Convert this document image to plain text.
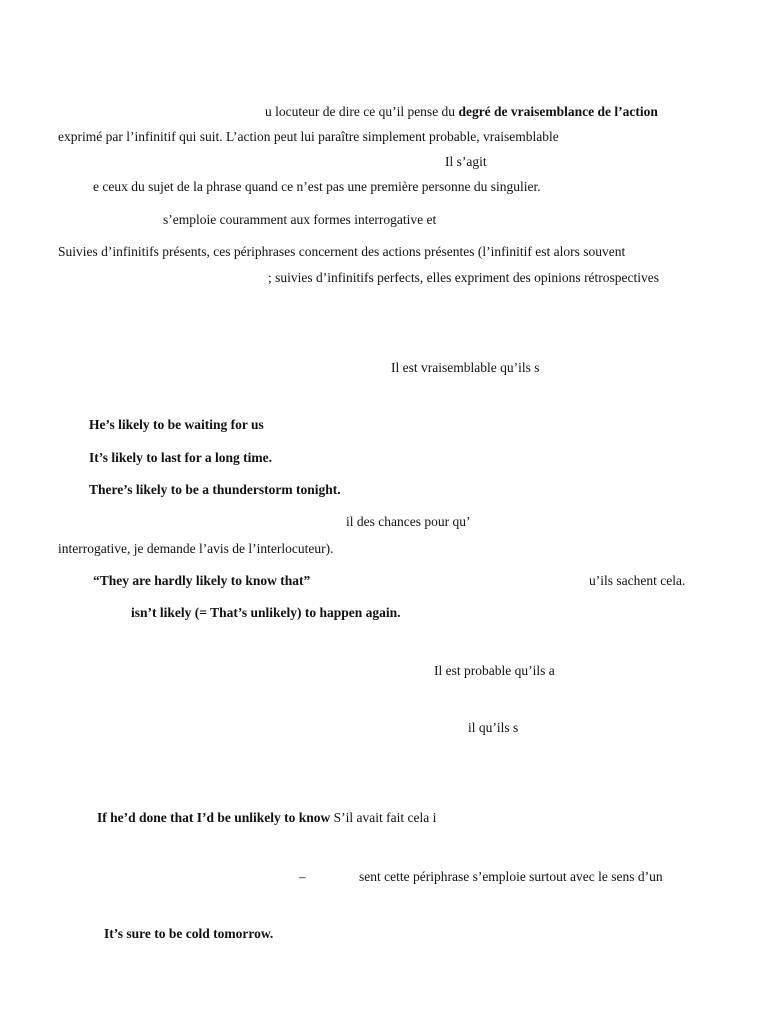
u locuteur de dire ce qu’il pense du degré de vraisemblance de l’action
exprimé par l’infinitif qui suit. L’action peut lui paraître simplement probable, vraisemblable
Il s’agit
e ceux du sujet de la phrase quand ce n’est pas une première personne du singulier.
s’emploie couramment aux formes interrogative et
Suivies d’infinitifs présents, ces périphrases concernent des actions présentes (l’infinitif est alors souvent
; suivies d’infinitifs perfects, elles expriment des opinions rétrospectives
Il est vraisemblable qu’ils s
He’s likely to be waiting for us
It’s likely to last for a long time.
There’s likely to be a thunderstorm tonight.
il des chances pour qu’
interrogative, je demande l’avis de l’interlocuteur).
“They are hardly likely to know that”	u’ils sachent cela.
isn’t likely (= That’s unlikely) to happen again.
Il est probable qu’ils a
il qu’ils s
If he’d done that I’d be unlikely to know S’il avait fait cela i
–	sent cette périphrase s’emploie surtout avec le sens d’un
It’s sure to be cold tomorrow.
